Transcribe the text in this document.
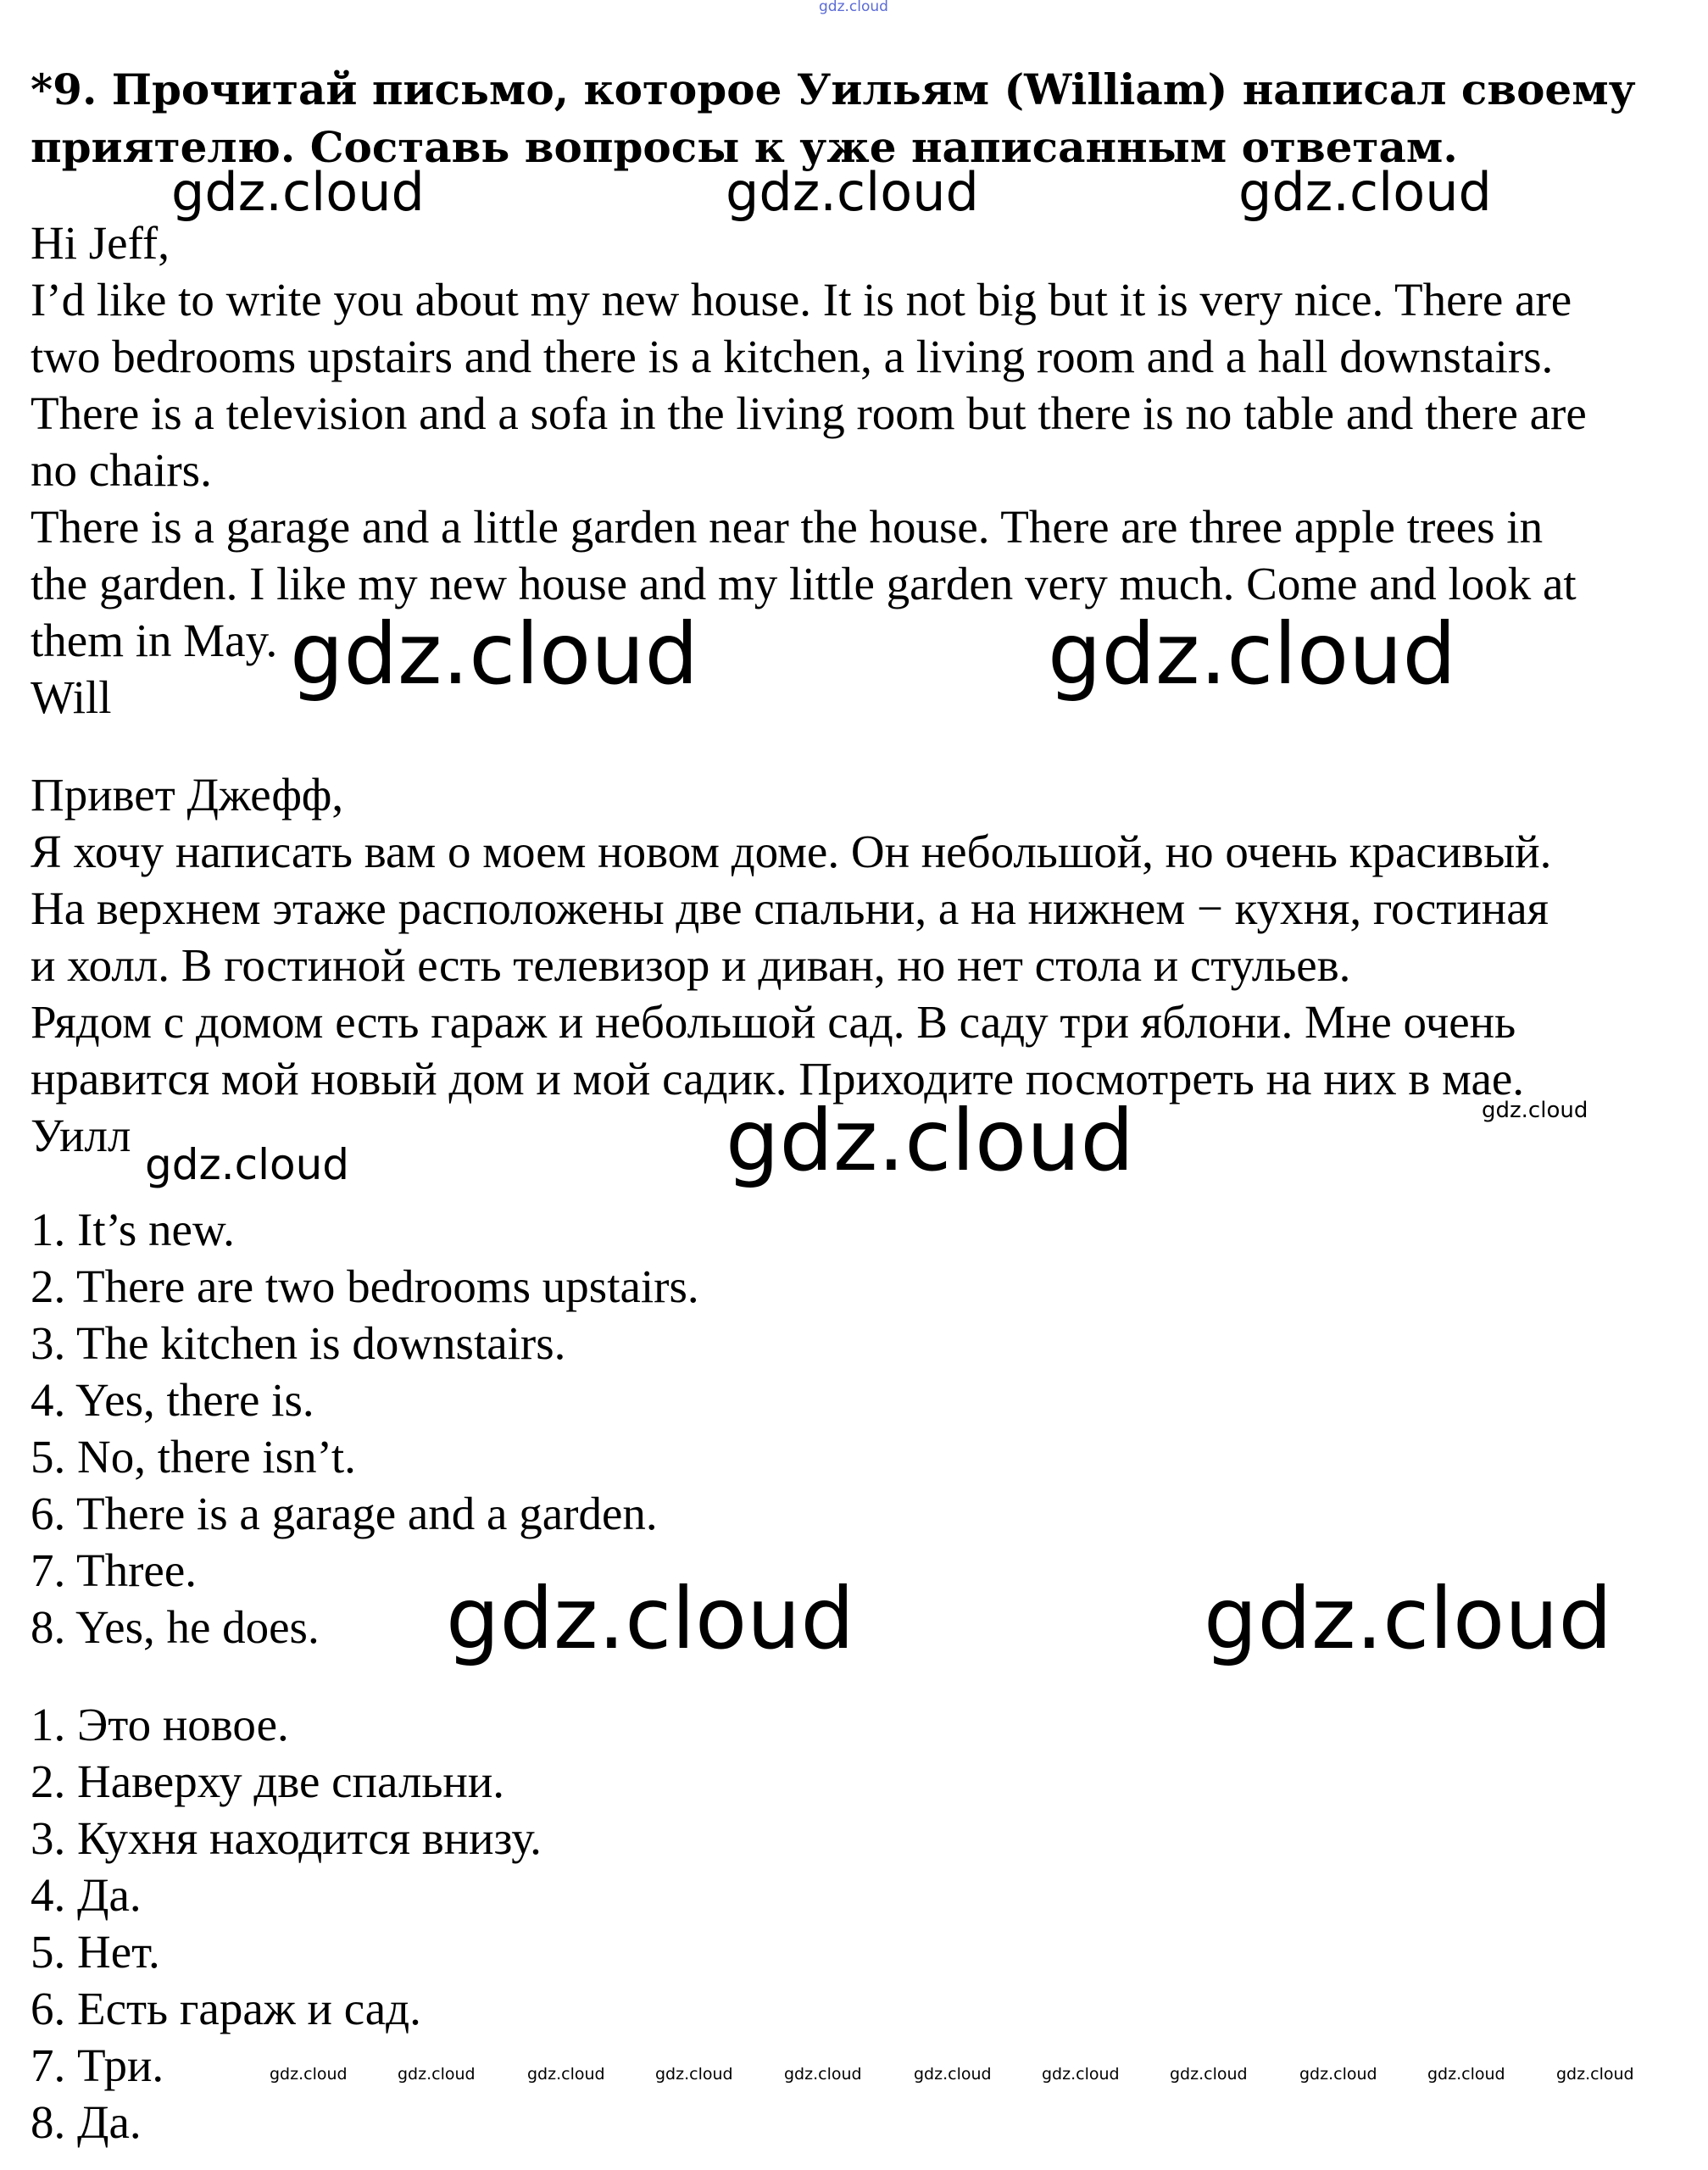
gdz.cloud
*9. Прочитай письмо, которое Уильям (William) написал своему приятелю. Составь вопросы к уже написанным ответам.
Hi Jeff,
I’d like to write you about my new house. It is not big but it is very nice. There are
two bedrooms upstairs and there is a kitchen, a living room and a hall downstairs.
There is a television and a sofa in the living room but there is no table and there are
no chairs.
There is a garage and a little garden near the house. There are three apple trees in
the garden. I like my new house and my little garden very much. Come and look at
them in May.
Will
Привет Джефф,
Я хочу написать вам о моем новом доме. Он небольшой, но очень красивый.
На верхнем этаже расположены две спальни, а на нижнем − кухня, гостиная
и холл. В гостиной есть телевизор и диван, но нет стола и стульев.
Рядом с домом есть гараж и небольшой сад. В саду три яблони. Мне очень
нравится мой новый дом и мой садик. Приходите посмотреть на них в мае.
Уилл
1. It’s new.
2. There are two bedrooms upstairs.
3. The kitchen is downstairs.
4. Yes, there is.
5. No, there isn’t.
6. There is a garage and a garden.
7. Three.
8. Yes, he does.
1. Это новое.
2. Наверху две спальни.
3. Кухня находится внизу.
4. Да.
5. Нет.
6. Есть гараж и сад.
7. Три.
8. Да.
gdz.cloud	gdz.cloud	gdz.cloud
gdz.cloud	gdz.cloud
gdz.cloud
gdz.cloud	gdz.cloud
gdz.cloud	gdz.cloud
gdz.cloud	gdz.cloud	gdz.cloud	gdz.cloud	gdz.cloud	gdz.cloud	gdz.cloud	gdz.cloud	gdz.cloud	gdz.cloud	gdz.cloud
